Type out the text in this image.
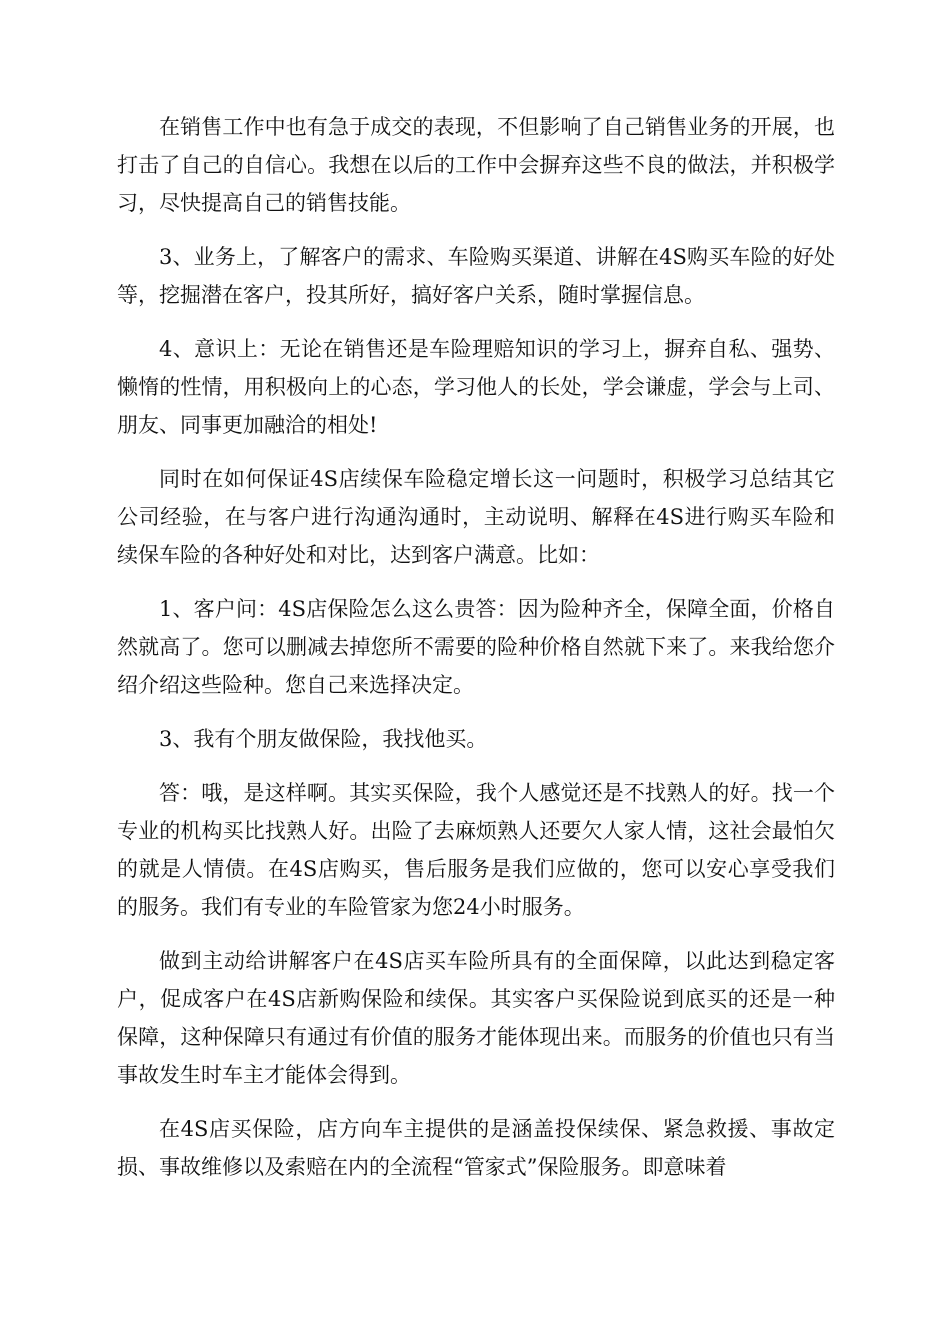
在销售工作中也有急于成交的表现，不但影响了自己销售业务的开展，也打击了自己的自信心。我想在以后的工作中会摒弃这些不良的做法，并积极学习，尽快提高自己的销售技能。

3、业务上，了解客户的需求、车险购买渠道、讲解在4S购买车险的好处等，挖掘潜在客户，投其所好，搞好客户关系，随时掌握信息。

4、意识上：无论在销售还是车险理赔知识的学习上，摒弃自私、强势、懒惰的性情，用积极向上的心态，学习他人的长处，学会谦虚，学会与上司、朋友、同事更加融洽的相处!

同时在如何保证4S店续保车险稳定增长这一问题时，积极学习总结其它公司经验，在与客户进行沟通沟通时，主动说明、解释在4S进行购买车险和续保车险的各种好处和对比，达到客户满意。比如：

1、客户问：4S店保险怎么这么贵答：因为险种齐全，保障全面，价格自然就高了。您可以删减去掉您所不需要的险种价格自然就下来了。来我给您介绍介绍这些险种。您自己来选择决定。

3、我有个朋友做保险，我找他买。

答：哦，是这样啊。其实买保险，我个人感觉还是不找熟人的好。找一个专业的机构买比找熟人好。出险了去麻烦熟人还要欠人家人情，这社会最怕欠的就是人情债。在4S店购买，售后服务是我们应做的，您可以安心享受我们的服务。我们有专业的车险管家为您24小时服务。

做到主动给讲解客户在4S店买车险所具有的全面保障，以此达到稳定客户，促成客户在4S店新购保险和续保。其实客户买保险说到底买的还是一种保障，这种保障只有通过有价值的服务才能体现出来。而服务的价值也只有当事故发生时车主才能体会得到。

在4S店买保险，店方向车主提供的是涵盖投保续保、紧急救援、事故定损、事故维修以及索赔在内的全流程“管家式”保险服务。即意味着
